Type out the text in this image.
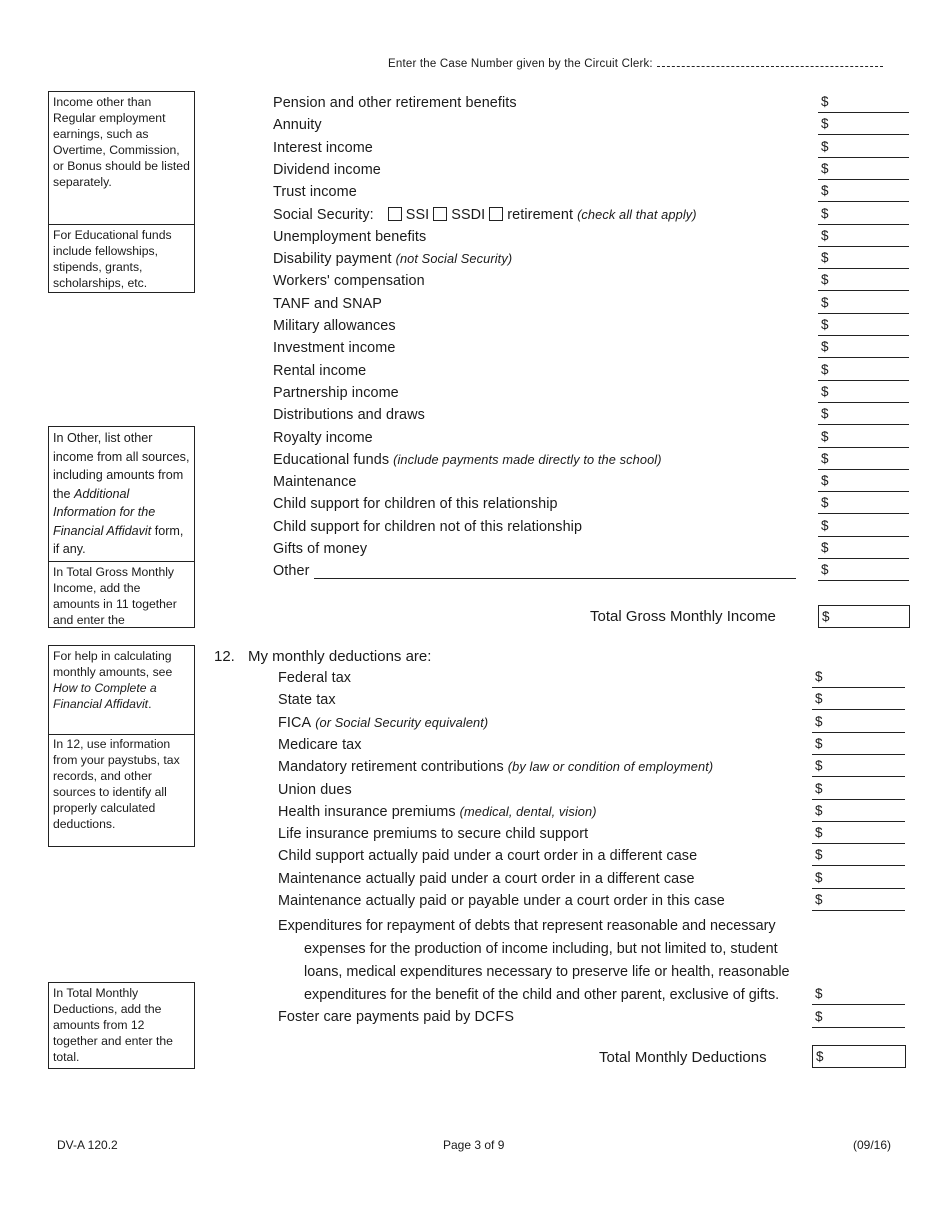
Enter the Case Number given by the Circuit Clerk:
Income other than Regular employment earnings, such as Overtime, Commission, or Bonus should be listed separately.
For Educational funds include fellowships, stipends, grants, scholarships, etc.
In Other, list other income from all sources, including amounts from the Additional Information for the Financial Affidavit form, if any.
In Total Gross Monthly Income, add the amounts in 11 together and enter the
For help in calculating monthly amounts, see How to Complete a Financial Affidavit.
In 12, use information from your paystubs, tax records, and other sources to identify all properly calculated deductions.
In Total Monthly Deductions, add the amounts from 12 together and enter the total.
Pension and other retirement benefits	$
Annuity	$
Interest income	$
Dividend income	$
Trust income	$
Social Security: SSI SSDI retirement (check all that apply)	$
Unemployment benefits	$
Disability payment (not Social Security)	$
Workers' compensation	$
TANF and SNAP	$
Military allowances	$
Investment income	$
Rental income	$
Partnership income	$
Distributions and draws	$
Royalty income	$
Educational funds (include payments made directly to the school)	$
Maintenance	$
Child support for children of this relationship	$
Child support for children not of this relationship	$
Gifts of money	$
Other	$
Total Gross Monthly Income	$
12. My monthly deductions are:
Federal tax	$
State tax	$
FICA (or Social Security equivalent)	$
Medicare tax	$
Mandatory retirement contributions (by law or condition of employment)	$
Union dues	$
Health insurance premiums (medical, dental, vision)	$
Life insurance premiums to secure child support	$
Child support actually paid under a court order in a different case	$
Maintenance actually paid under a court order in a different case	$
Maintenance actually paid or payable under a court order in this case	$
Expenditures for repayment of debts that represent reasonable and necessary
expenses for the production of income including, but not limited to, student
loans, medical expenditures necessary to preserve life or health, reasonable
expenditures for the benefit of the child and other parent, exclusive of gifts.	$
Foster care payments paid by DCFS	$
Total Monthly Deductions	$
DV-A 120.2	Page 3 of 9	(09/16)
